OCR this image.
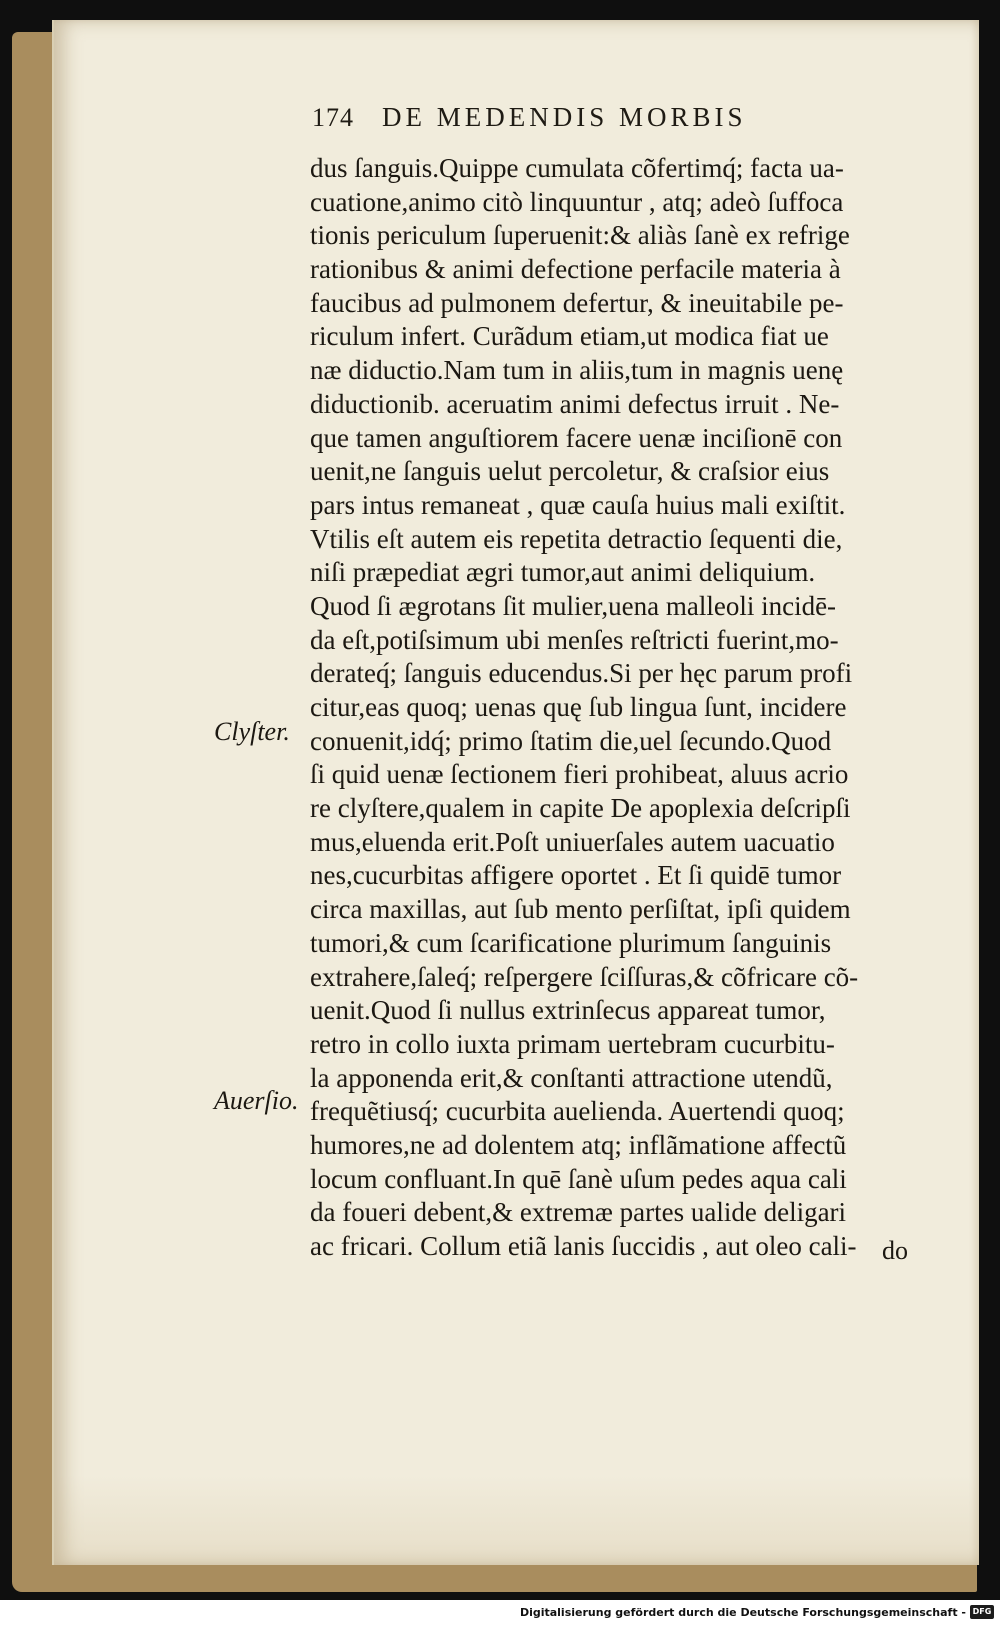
174	DE MEDENDIS MORBIS
dus ſanguis.Quippe cumulata cõfertimq́; facta ua-
cuatione,animo citò linquuntur , atq; adeò ſuffoca
tionis periculum ſuperuenit:& aliàs ſanè ex refrige
rationibus & animi defectione perfacile materia à
faucibus ad pulmonem defertur, & ineuitabile pe-
riculum infert. Curãdum etiam,ut modica fiat ue
næ diductio.Nam tum in aliis,tum in magnis uenę
diductionib. aceruatim animi defectus irruit . Ne-
que tamen anguſtiorem facere uenæ inciſionē con
uenit,ne ſanguis uelut percoletur, & craſsior eius
pars intus remaneat , quæ cauſa huius mali exiſtit.
Vtilis eſt autem eis repetita detractio ſequenti die,
niſi præpediat ægri tumor,aut animi deliquium.
Quod ſi ægrotans ſit mulier,uena malleoli incidē-
da eſt,potiſsimum ubi menſes reſtricti fuerint,mo-
derateq́; ſanguis educendus.Si per hęc parum profi
citur,eas quoq; uenas quę ſub lingua ſunt, incidere
conuenit,idq́; primo ſtatim die,uel ſecundo.Quod
ſi quid uenæ ſectionem fieri prohibeat, aluus acrio
re clyſtere,qualem in capite De apoplexia deſcripſi
mus,eluenda erit.Poſt uniuerſales autem uacuatio
nes,cucurbitas affigere oportet . Et ſi quidē tumor
circa maxillas, aut ſub mento perſiſtat, ipſi quidem
tumori,& cum ſcarificatione plurimum ſanguinis
extrahere,ſaleq́; reſpergere ſciſſuras,& cõfricare cõ-
uenit.Quod ſi nullus extrinſecus appareat tumor,
retro in collo iuxta primam uertebram cucurbitu-
la apponenda erit,& conſtanti attractione utendũ,
frequẽtiusq́; cucurbita auelienda. Auertendi quoq;
humores,ne ad dolentem atq; inflãmatione affectũ
locum confluant.In quē ſanè uſum pedes aqua cali
da foueri debent,& extremæ partes ualide deligari
ac fricari. Collum etiã lanis ſuccidis , aut oleo cali- do
Clyſter.
Auerſio.
Digitalisierung gefördert durch die Deutsche Forschungsgemeinschaft - DFG
